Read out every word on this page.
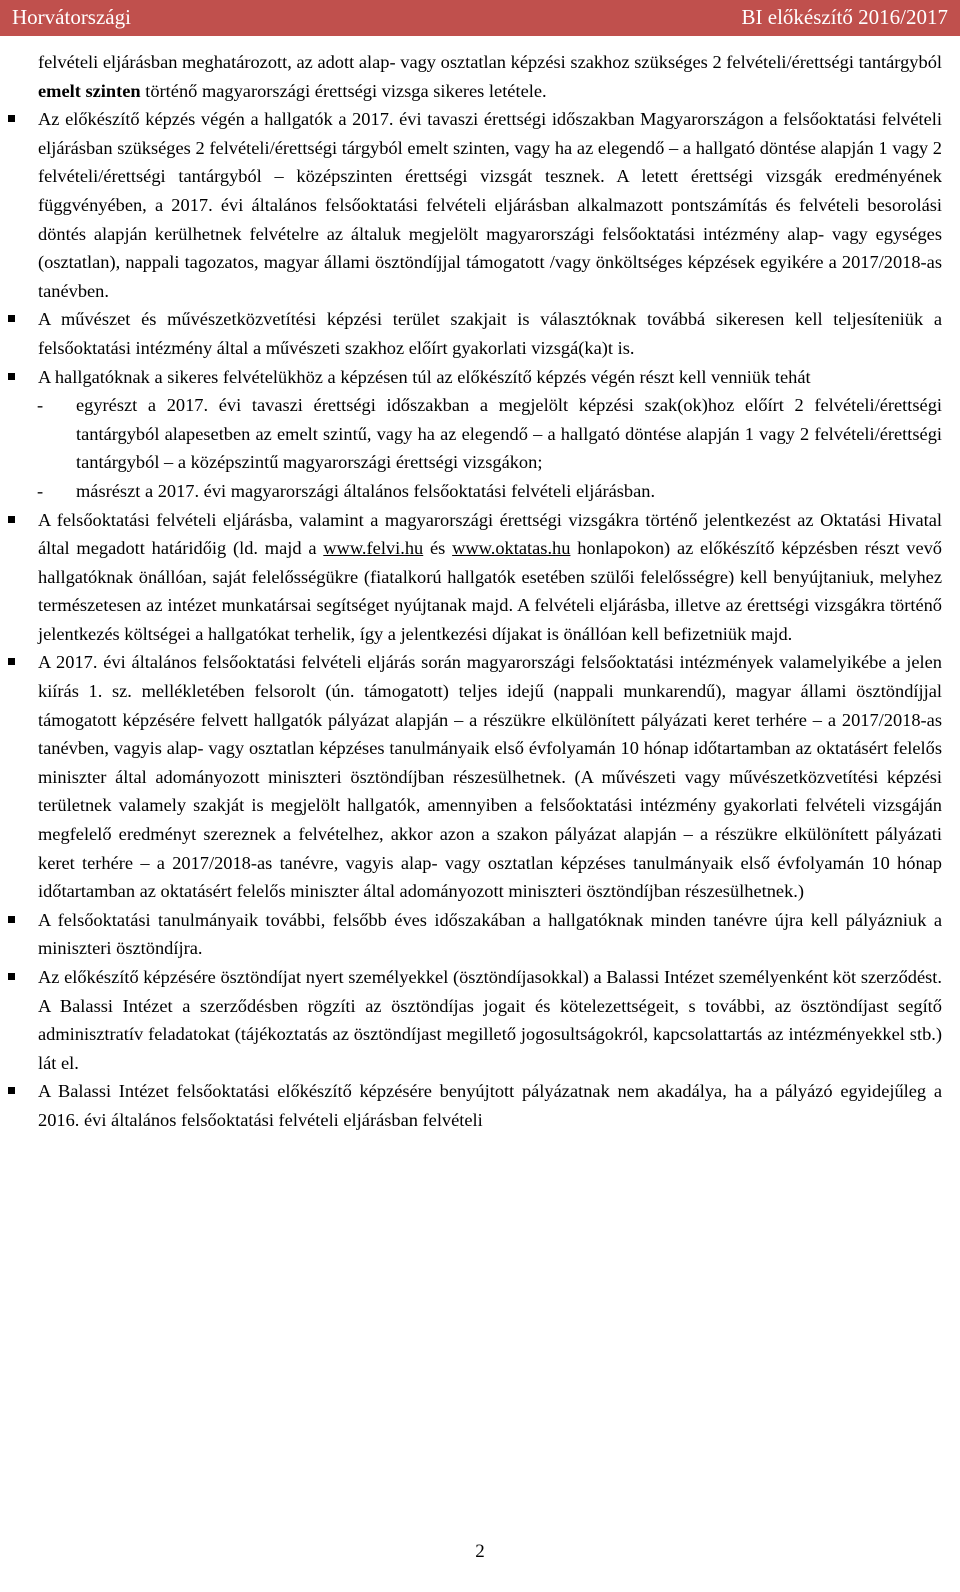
Horvátországi	BI előkészítő 2016/2017

felvételi eljárásban meghatározott, az adott alap- vagy osztatlan képzési szakhoz szükséges 2 felvételi/érettségi tantárgyból emelt szinten történő magyarországi érettségi vizsga sikeres letétele.

Az előkészítő képzés végén a hallgatók a 2017. évi tavaszi érettségi időszakban Magyarországon a felsőoktatási felvételi eljárásban szükséges 2 felvételi/érettségi tárgyból emelt szinten, vagy ha az elegendő – a hallgató döntése alapján 1 vagy 2 felvételi/érettségi tantárgyból – középszinten érettségi vizsgát tesznek. A letett érettségi vizsgák eredményének függvényében, a 2017. évi általános felsőoktatási felvételi eljárásban alkalmazott pontszámítás és felvételi besorolási döntés alapján kerülhetnek felvételre az általuk megjelölt magyarországi felsőoktatási intézmény alap- vagy egységes (osztatlan), nappali tagozatos, magyar állami ösztöndíjjal támogatott /vagy önköltséges képzések egyikére a 2017/2018-as tanévben.
A művészet és művészetközvetítési képzési terület szakjait is választóknak továbbá sikeresen kell teljesíteniük a felsőoktatási intézmény által a művészeti szakhoz előírt gyakorlati vizsgá(ka)t is.
A hallgatóknak a sikeres felvételükhöz a képzésen túl az előkészítő képzés végén részt kell venniük tehát
-	egyrészt a 2017. évi tavaszi érettségi időszakban a megjelölt képzési szak(ok)hoz előírt 2 felvételi/érettségi tantárgyból alapesetben az emelt szintű, vagy ha az elegendő – a hallgató döntése alapján 1 vagy 2 felvételi/érettségi tantárgyból – a középszintű magyarországi érettségi vizsgákon;
-	másrészt a 2017. évi magyarországi általános felsőoktatási felvételi eljárásban.
A felsőoktatási felvételi eljárásba, valamint a magyarországi érettségi vizsgákra történő jelentkezést az Oktatási Hivatal által megadott határidőig (ld. majd a www.felvi.hu és www.oktatas.hu honlapokon) az előkészítő képzésben részt vevő hallgatóknak önállóan, saját felelősségükre (fiatalkorú hallgatók esetében szülői felelősségre) kell benyújtaniuk, melyhez természetesen az intézet munkatársai segítséget nyújtanak majd. A felvételi eljárásba, illetve az érettségi vizsgákra történő jelentkezés költségei a hallgatókat terhelik, így a jelentkezési díjakat is önállóan kell befizetniük majd.
A 2017. évi általános felsőoktatási felvételi eljárás során magyarországi felsőoktatási intézmények valamelyikébe a jelen kiírás 1. sz. mellékletében felsorolt (ún. támogatott) teljes idejű (nappali munkarendű), magyar állami ösztöndíjjal támogatott képzésére felvett hallgatók pályázat alapján – a részükre elkülönített pályázati keret terhére – a 2017/2018-as tanévben, vagyis alap- vagy osztatlan képzéses tanulmányaik első évfolyamán 10 hónap időtartamban az oktatásért felelős miniszter által adományozott miniszteri ösztöndíjban részesülhetnek. (A művészeti vagy művészetközvetítési képzési területnek valamely szakját is megjelölt hallgatók, amennyiben a felsőoktatási intézmény gyakorlati felvételi vizsgáján megfelelő eredményt szereznek a felvételhez, akkor azon a szakon pályázat alapján – a részükre elkülönített pályázati keret terhére – a 2017/2018-as tanévre, vagyis alap- vagy osztatlan képzéses tanulmányaik első évfolyamán 10 hónap időtartamban az oktatásért felelős miniszter által adományozott miniszteri ösztöndíjban részesülhetnek.)
A felsőoktatási tanulmányaik további, felsőbb éves időszakában a hallgatóknak minden tanévre újra kell pályázniuk a miniszteri ösztöndíjra.
Az előkészítő képzésére ösztöndíjat nyert személyekkel (ösztöndíjasokkal) a Balassi Intézet személyenként köt szerződést. A Balassi Intézet a szerződésben rögzíti az ösztöndíjas jogait és kötelezettségeit, s további, az ösztöndíjast segítő adminisztratív feladatokat (tájékoztatás az ösztöndíjast megillető jogosultságokról, kapcsolattartás az intézményekkel stb.) lát el.
A Balassi Intézet felsőoktatási előkészítő képzésére benyújtott pályázatnak nem akadálya, ha a pályázó egyidejűleg a 2016. évi általános felsőoktatási felvételi eljárásban felvételi
2
